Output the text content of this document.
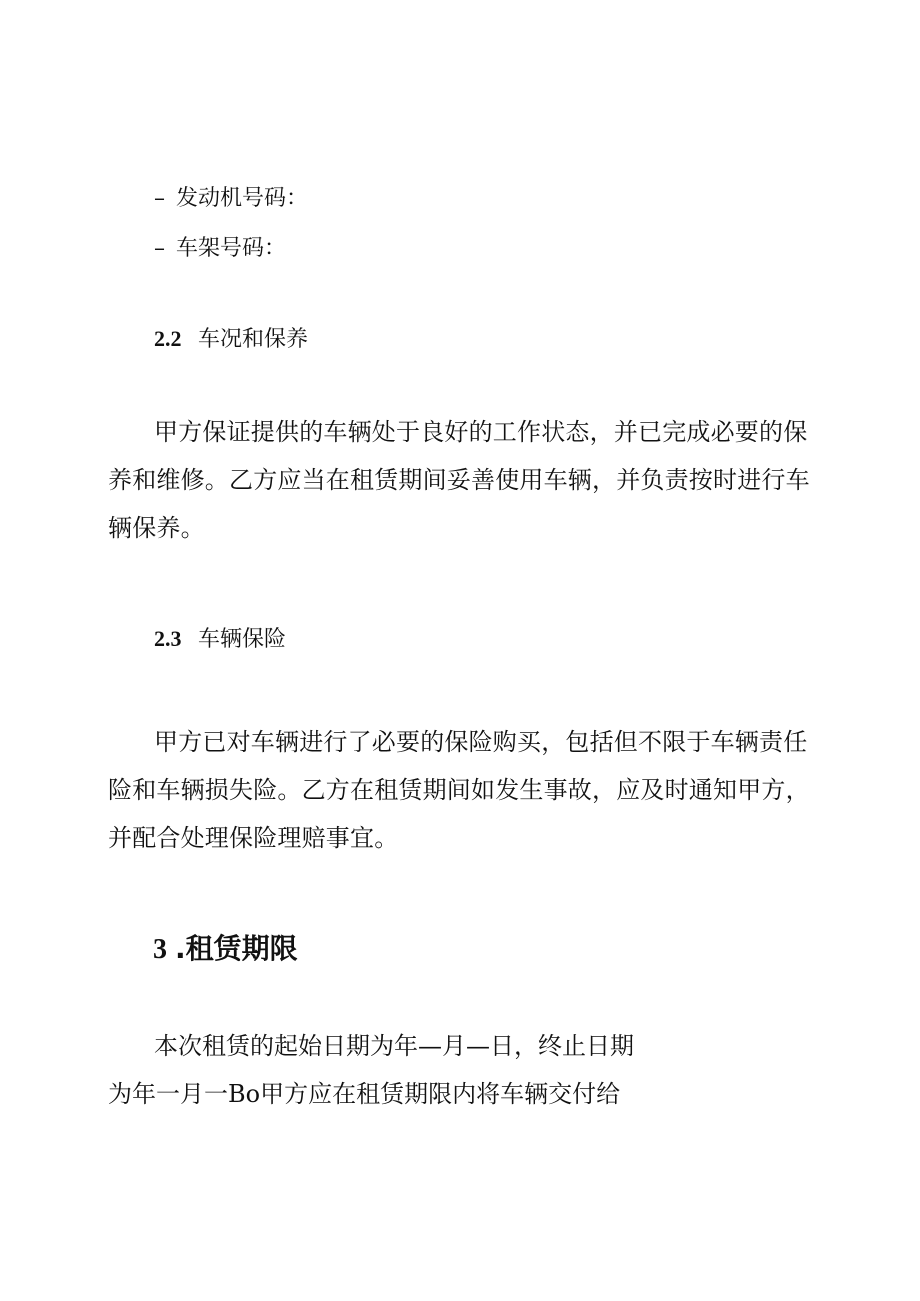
– 发动机号码：
– 车架号码：
2.2 车况和保养
甲方保证提供的车辆处于良好的工作状态，并已完成必要的保养和维修。乙方应当在租赁期间妥善使用车辆，并负责按时进行车辆保养。
2.3 车辆保险
甲方已对车辆进行了必要的保险购买，包括但不限于车辆责任险和车辆损失险。乙方在租赁期间如发生事故，应及时通知甲方，并配合处理保险理赔事宜。
3 .租赁期限
本次租赁的起始日期为年—月—日，终止日期
为年一月一Bo甲方应在租赁期限内将车辆交付给
